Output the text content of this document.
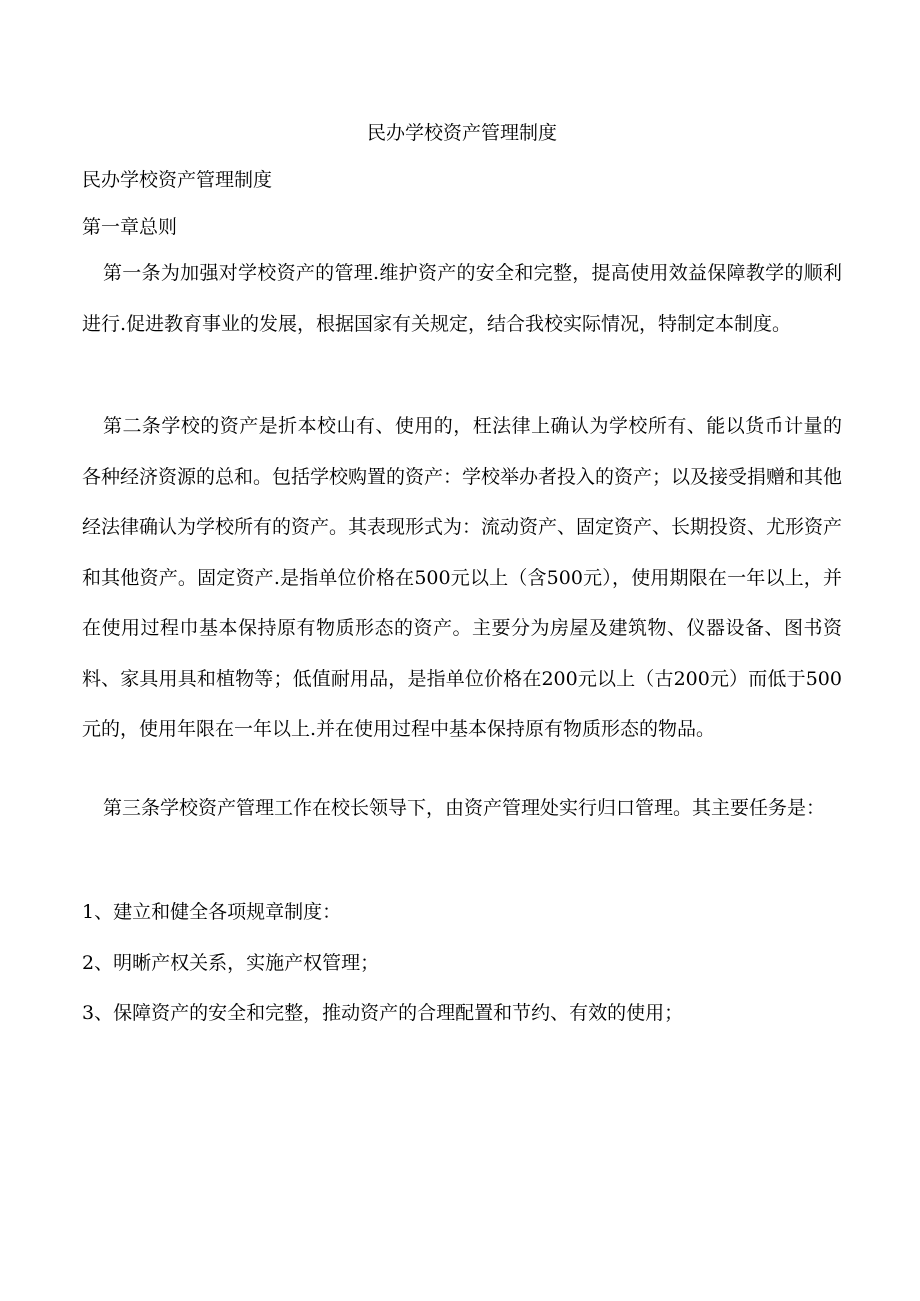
民办学校资产管理制度

民办学校资产管理制度

第一章总则

第一条为加强对学校资产的管理.维护资产的安全和完整，提高使用效益保障教学的顺利进行.促进教育事业的发展，根据国家有关规定，结合我校实际情况，特制定本制度。

第二条学校的资产是折本校山有、使用的，枉法律上确认为学校所有、能以货币计量的各种经济资源的总和。包括学校购置的资产：学校举办者投入的资产；以及接受捐赠和其他经法律确认为学校所有的资产。其表现形式为：流动资产、固定资产、长期投资、尤形资产和其他资产。固定资产.是指单位价格在500元以上（含500元），使用期限在一年以上，并在使用过程巾基本保持原有物质形态的资产。主要分为房屋及建筑物、仪器设备、图书资料、家具用具和植物等；低值耐用品，是指单位价格在200元以上（古200元）而低于500元的，使用年限在一年以上.并在使用过程中基本保持原有物质形态的物品。

第三条学校资产管理工作在校长领导下，由资产管理处实行归口管理。其主要任务是：

1、建立和健全各项规章制度：

2、明晰产权关系，实施产权管理；

3、保障资产的安全和完整，推动资产的合理配置和节约、有效的使用；
